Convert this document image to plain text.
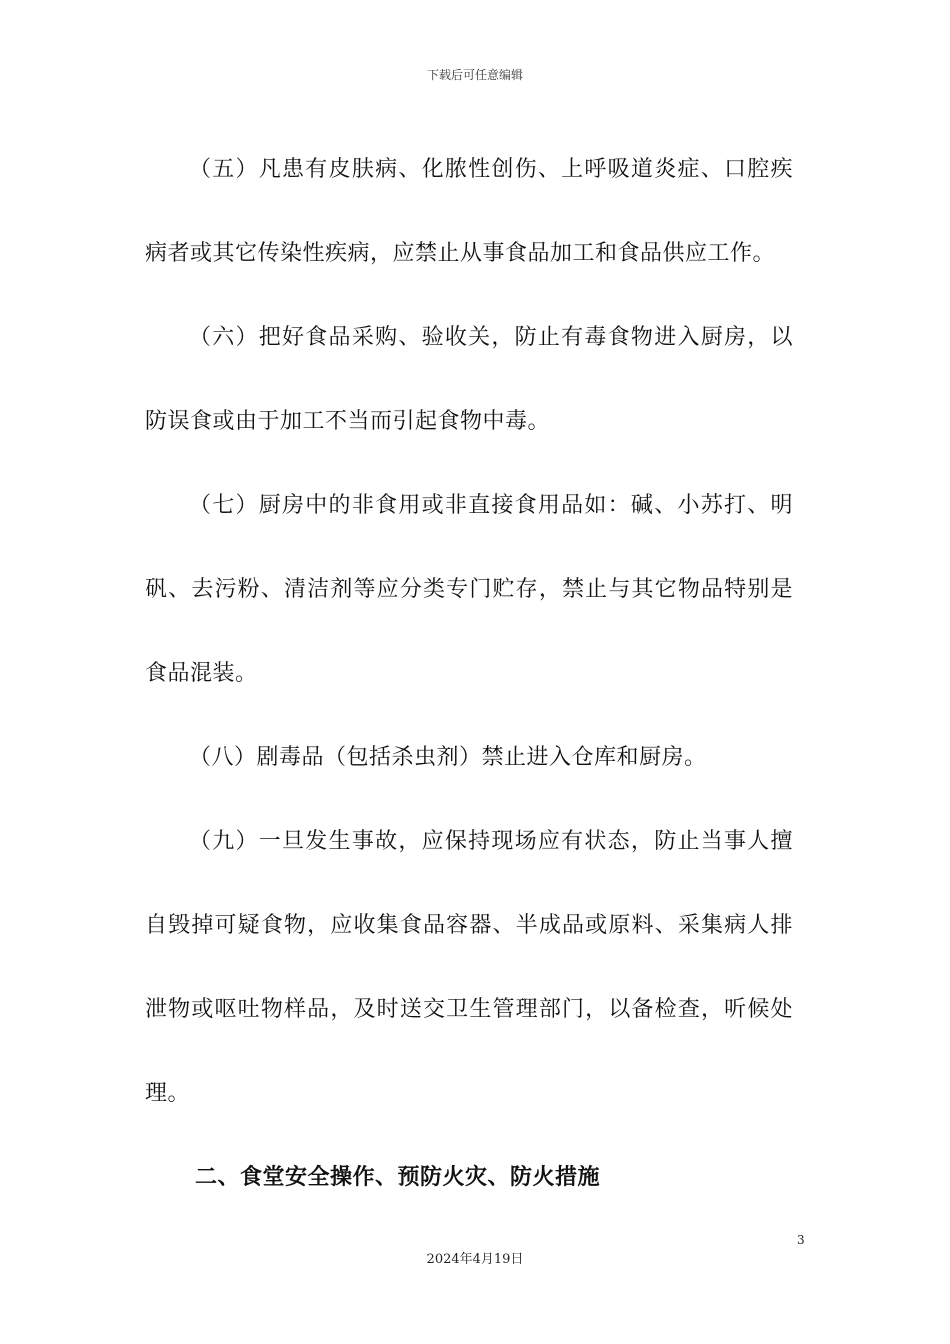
下载后可任意编辑

（五）凡患有皮肤病、化脓性创伤、上呼吸道炎症、口腔疾病者或其它传染性疾病，应禁止从事食品加工和食品供应工作。

（六）把好食品采购、验收关，防止有毒食物进入厨房，以防误食或由于加工不当而引起食物中毒。

（七）厨房中的非食用或非直接食用品如：碱、小苏打、明矾、去污粉、清洁剂等应分类专门贮存，禁止与其它物品特别是食品混装。

（八）剧毒品（包括杀虫剂）禁止进入仓库和厨房。

（九）一旦发生事故，应保持现场应有状态，防止当事人擅自毁掉可疑食物，应收集食品容器、半成品或原料、采集病人排泄物或呕吐物样品，及时送交卫生管理部门，以备检查，听候处理。

二、食堂安全操作、预防火灾、防火措施

3
2024年4月19日
